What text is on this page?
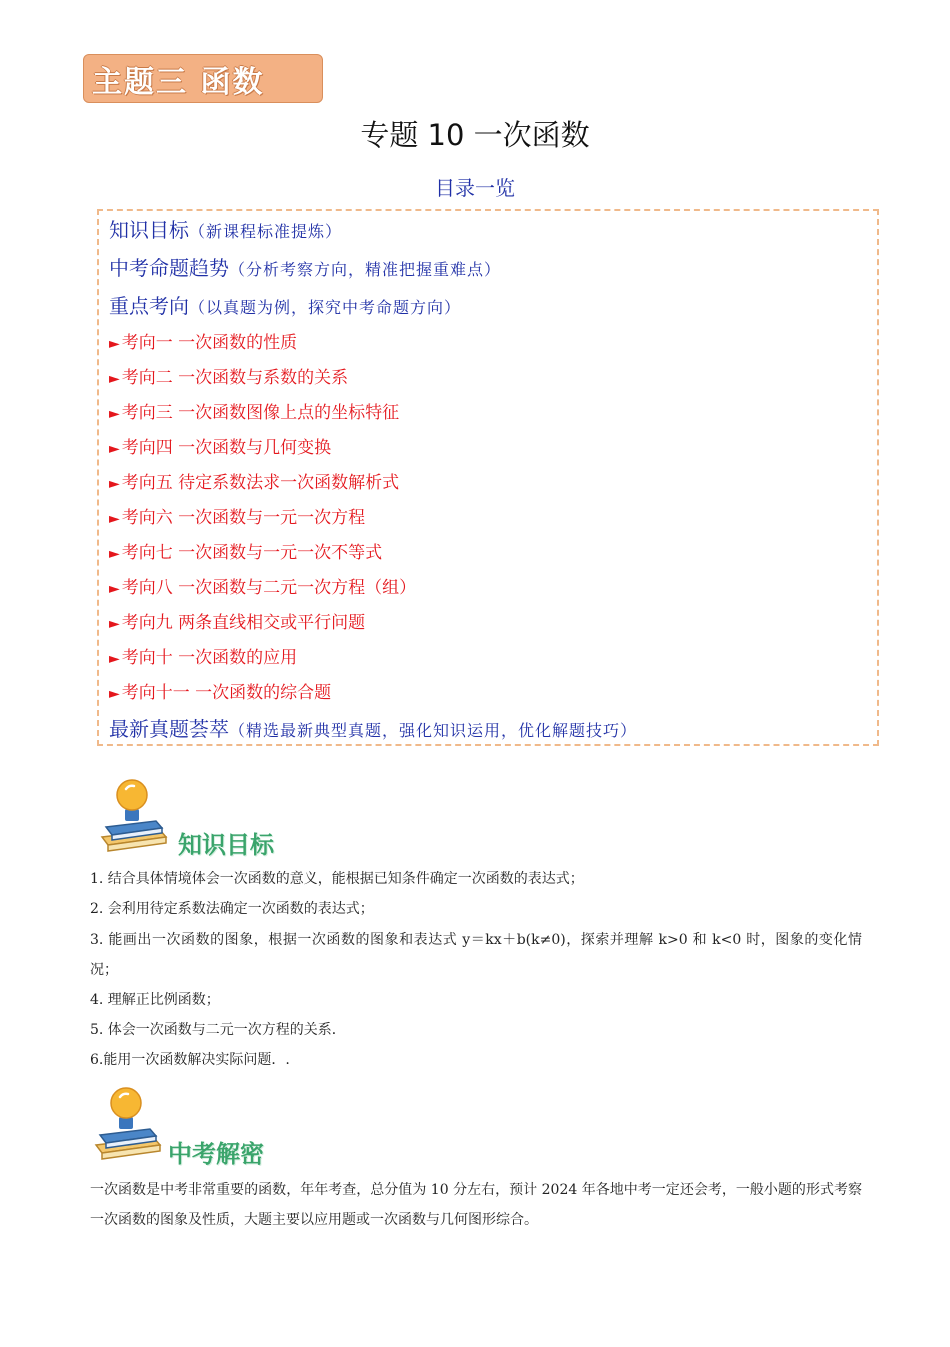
主题三 函数
专题 10 一次函数
目录一览
知识目标（新课程标准提炼）
中考命题趋势（分析考察方向，精准把握重难点）
重点考向（以真题为例，探究中考命题方向）
► 考向一 一次函数的性质
► 考向二 一次函数与系数的关系
► 考向三 一次函数图像上点的坐标特征
► 考向四 一次函数与几何变换
► 考向五 待定系数法求一次函数解析式
► 考向六 一次函数与一元一次方程
► 考向七 一次函数与一元一次不等式
► 考向八 一次函数与二元一次方程（组）
► 考向九 两条直线相交或平行问题
► 考向十 一次函数的应用
► 考向十一 一次函数的综合题
最新真题荟萃（精选最新典型真题，强化知识运用，优化解题技巧）
知识目标
1. 结合具体情境体会一次函数的意义，能根据已知条件确定一次函数的表达式；
2. 会利用待定系数法确定一次函数的表达式；
3. 能画出一次函数的图象，根据一次函数的图象和表达式 y＝kx＋b(k≠0)，探索并理解 k>0 和 k<0 时，图象的变化情况；
4. 理解正比例函数；
5. 体会一次函数与二元一次方程的关系．
6.能用一次函数解决实际问题．.
中考解密
一次函数是中考非常重要的函数，年年考查，总分值为 10 分左右，预计 2024 年各地中考一定还会考，一般小题的形式考察一次函数的图象及性质，大题主要以应用题或一次函数与几何图形综合。
